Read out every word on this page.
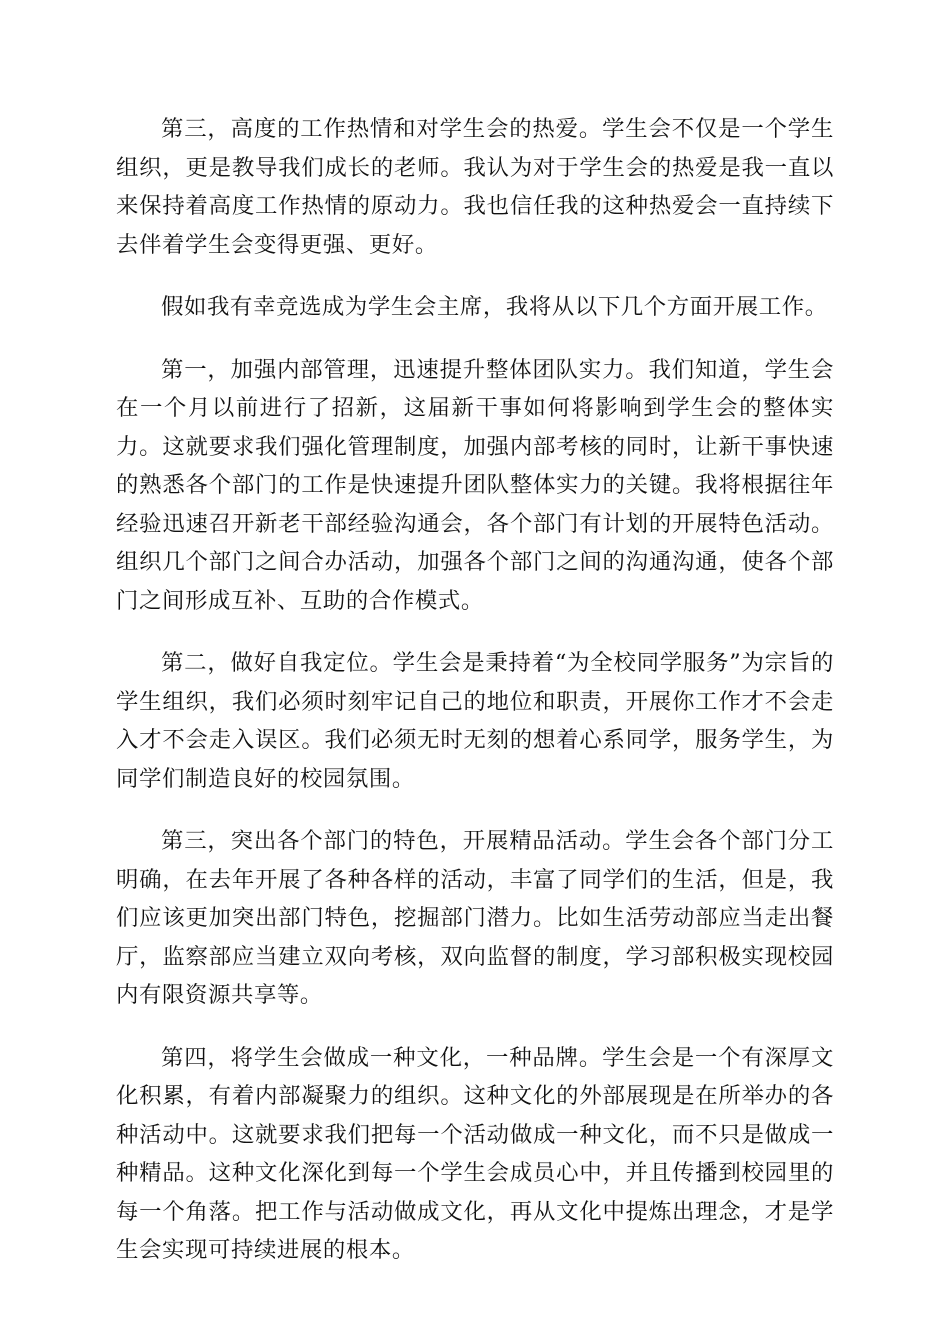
第三，高度的工作热情和对学生会的热爱。学生会不仅是一个学生组织，更是教导我们成长的老师。我认为对于学生会的热爱是我一直以来保持着高度工作热情的原动力。我也信任我的这种热爱会一直持续下去伴着学生会变得更强、更好。

假如我有幸竞选成为学生会主席，我将从以下几个方面开展工作。

第一，加强内部管理，迅速提升整体团队实力。我们知道，学生会在一个月以前进行了招新，这届新干事如何将影响到学生会的整体实力。这就要求我们强化管理制度，加强内部考核的同时，让新干事快速的熟悉各个部门的工作是快速提升团队整体实力的关键。我将根据往年经验迅速召开新老干部经验沟通会，各个部门有计划的开展特色活动。组织几个部门之间合办活动，加强各个部门之间的沟通沟通，使各个部门之间形成互补、互助的合作模式。

第二，做好自我定位。学生会是秉持着“为全校同学服务”为宗旨的学生组织，我们必须时刻牢记自己的地位和职责，开展你工作才不会走入才不会走入误区。我们必须无时无刻的想着心系同学，服务学生，为同学们制造良好的校园氛围。

第三，突出各个部门的特色，开展精品活动。学生会各个部门分工明确，在去年开展了各种各样的活动，丰富了同学们的生活，但是，我们应该更加突出部门特色，挖掘部门潜力。比如生活劳动部应当走出餐厅，监察部应当建立双向考核，双向监督的制度，学习部积极实现校园内有限资源共享等。

第四，将学生会做成一种文化，一种品牌。学生会是一个有深厚文化积累，有着内部凝聚力的组织。这种文化的外部展现是在所举办的各种活动中。这就要求我们把每一个活动做成一种文化，而不只是做成一种精品。这种文化深化到每一个学生会成员心中，并且传播到校园里的每一个角落。把工作与活动做成文化，再从文化中提炼出理念，才是学生会实现可持续进展的根本。
